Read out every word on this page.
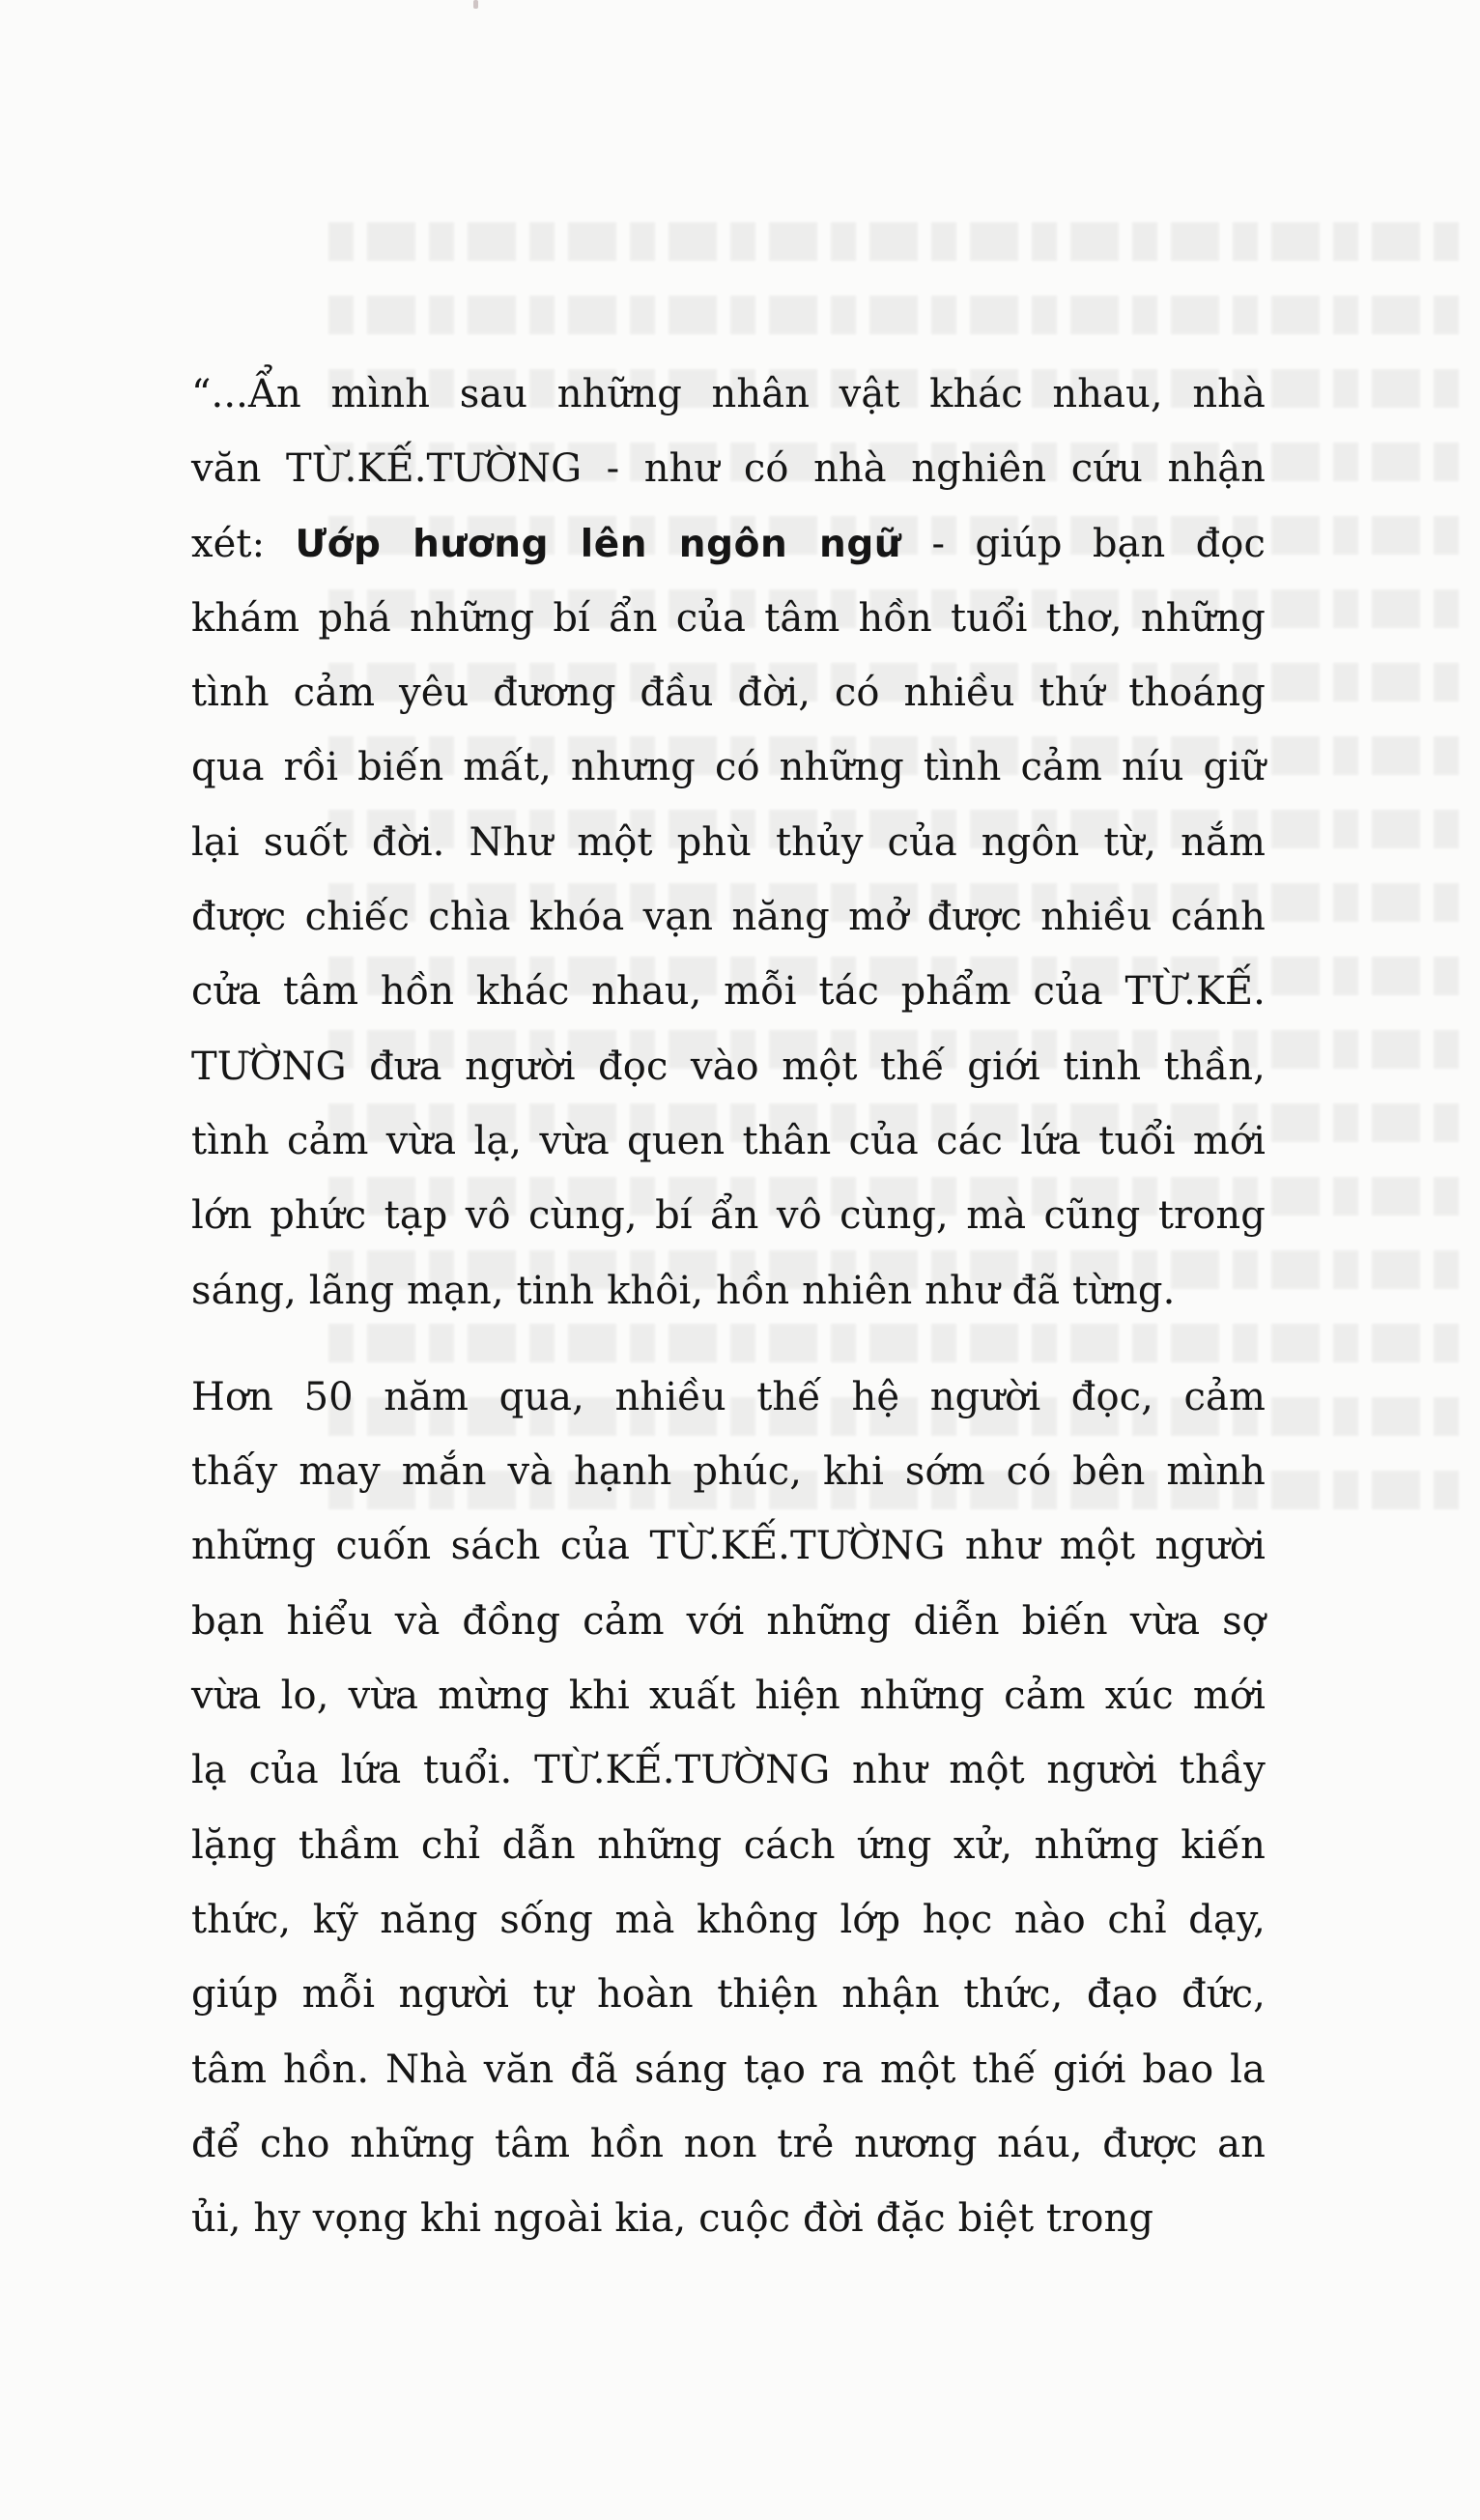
“...Ẩn mình sau những nhân vật khác nhau, nhà
văn TỪ.KẾ.TƯỜNG - như có nhà nghiên cứu nhận
xét: Ướp hương lên ngôn ngữ - giúp bạn đọc
khám phá những bí ẩn của tâm hồn tuổi thơ, những
tình cảm yêu đương đầu đời, có nhiều thứ thoáng
qua rồi biến mất, nhưng có những tình cảm níu giữ
lại suốt đời. Như một phù thủy của ngôn từ, nắm
được chiếc chìa khóa vạn năng mở được nhiều cánh
cửa tâm hồn khác nhau, mỗi tác phẩm của TỪ.KẾ.
TƯỜNG đưa người đọc vào một thế giới tinh thần,
tình cảm vừa lạ, vừa quen thân của các lứa tuổi mới
lớn phức tạp vô cùng, bí ẩn vô cùng, mà cũng trong
sáng, lãng mạn, tinh khôi, hồn nhiên như đã từng.
Hơn 50 năm qua, nhiều thế hệ người đọc, cảm
thấy may mắn và hạnh phúc, khi sớm có bên mình
những cuốn sách của TỪ.KẾ.TƯỜNG như một người
bạn hiểu và đồng cảm với những diễn biến vừa sợ
vừa lo, vừa mừng khi xuất hiện những cảm xúc mới
lạ của lứa tuổi. TỪ.KẾ.TƯỜNG như một người thầy
lặng thầm chỉ dẫn những cách ứng xử, những kiến
thức, kỹ năng sống mà không lớp học nào chỉ dạy,
giúp mỗi người tự hoàn thiện nhận thức, đạo đức,
tâm hồn. Nhà văn đã sáng tạo ra một thế giới bao la
để cho những tâm hồn non trẻ nương náu, được an
ủi, hy vọng khi ngoài kia, cuộc đời đặc biệt trong
